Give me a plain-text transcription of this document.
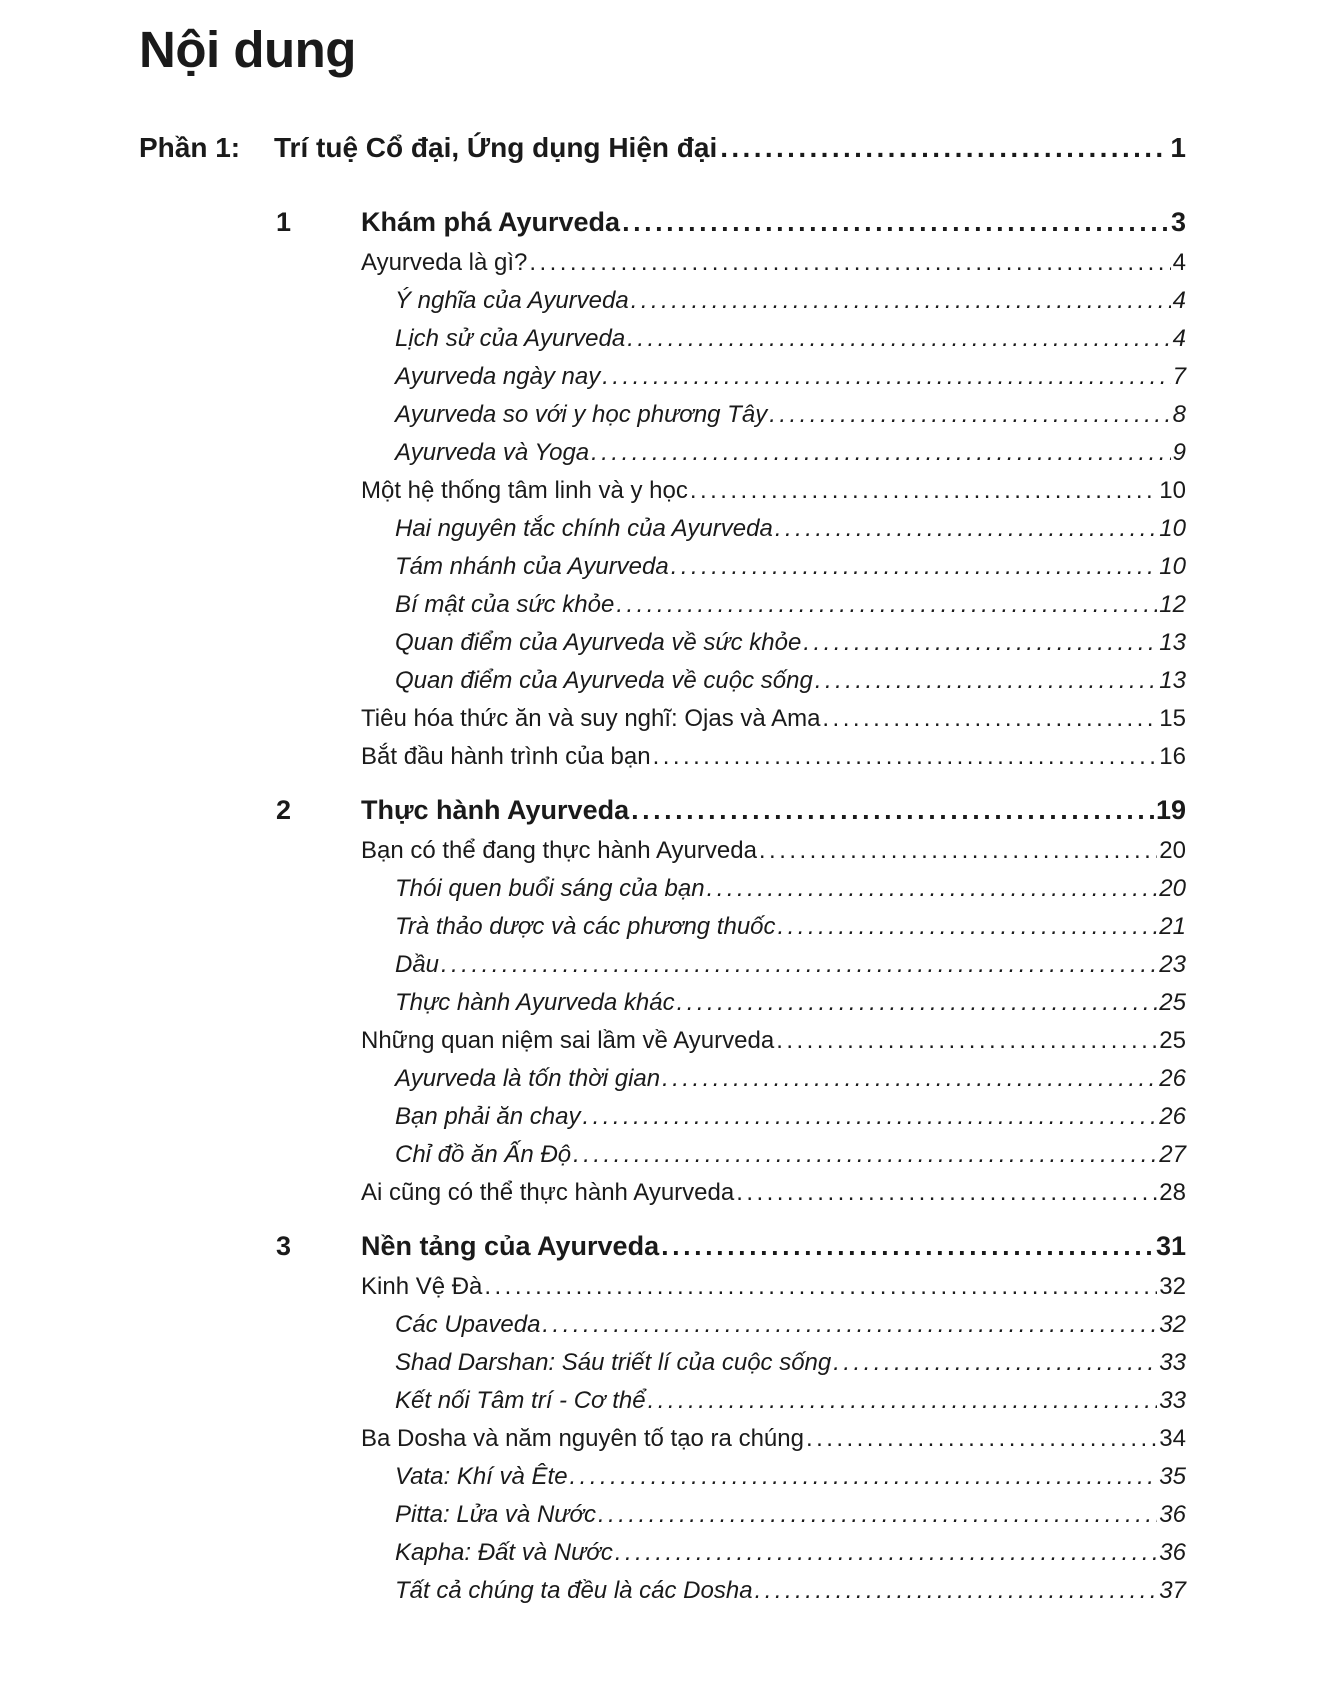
Nội dung
Phần 1:	Trí tuệ Cổ đại, Ứng dụng Hiện đại . . .	1
1	Khám phá Ayurveda . . .	3
Ayurveda là gì? . . .	4
Ý nghĩa của Ayurveda . . .	4
Lịch sử của Ayurveda . . .	4
Ayurveda ngày nay . . .	7
Ayurveda so với y học phương Tây . . .	8
Ayurveda và Yoga . . .	9
Một hệ thống tâm linh và y học . . .	10
Hai nguyên tắc chính của Ayurveda . . .	10
Tám nhánh của Ayurveda . . .	10
Bí mật của sức khỏe . . .	12
Quan điểm của Ayurveda về sức khỏe . . .	13
Quan điểm của Ayurveda về cuộc sống . . .	13
Tiêu hóa thức ăn và suy nghĩ: Ojas và Ama . . .	15
Bắt đầu hành trình của bạn . . .	16
2	Thực hành Ayurveda . . .	19
Bạn có thể đang thực hành Ayurveda . . .	20
Thói quen buổi sáng của bạn . . .	20
Trà thảo dược và các phương thuốc . . .	21
Dầu . . .	23
Thực hành Ayurveda khác . . .	25
Những quan niệm sai lầm về Ayurveda . . .	25
Ayurveda là tốn thời gian . . .	26
Bạn phải ăn chay . . .	26
Chỉ đồ ăn Ấn Độ . . .	27
Ai cũng có thể thực hành Ayurveda . . .	28
3	Nền tảng của Ayurveda . . .	31
Kinh Vệ Đà . . .	32
Các Upaveda . . .	32
Shad Darshan: Sáu triết lí của cuộc sống . . .	33
Kết nối Tâm trí - Cơ thể . . .	33
Ba Dosha và năm nguyên tố tạo ra chúng . . .	34
Vata: Khí và Ête . . .	35
Pitta: Lửa và Nước . . .	36
Kapha: Đất và Nước . . .	36
Tất cả chúng ta đều là các Dosha . . .	37
